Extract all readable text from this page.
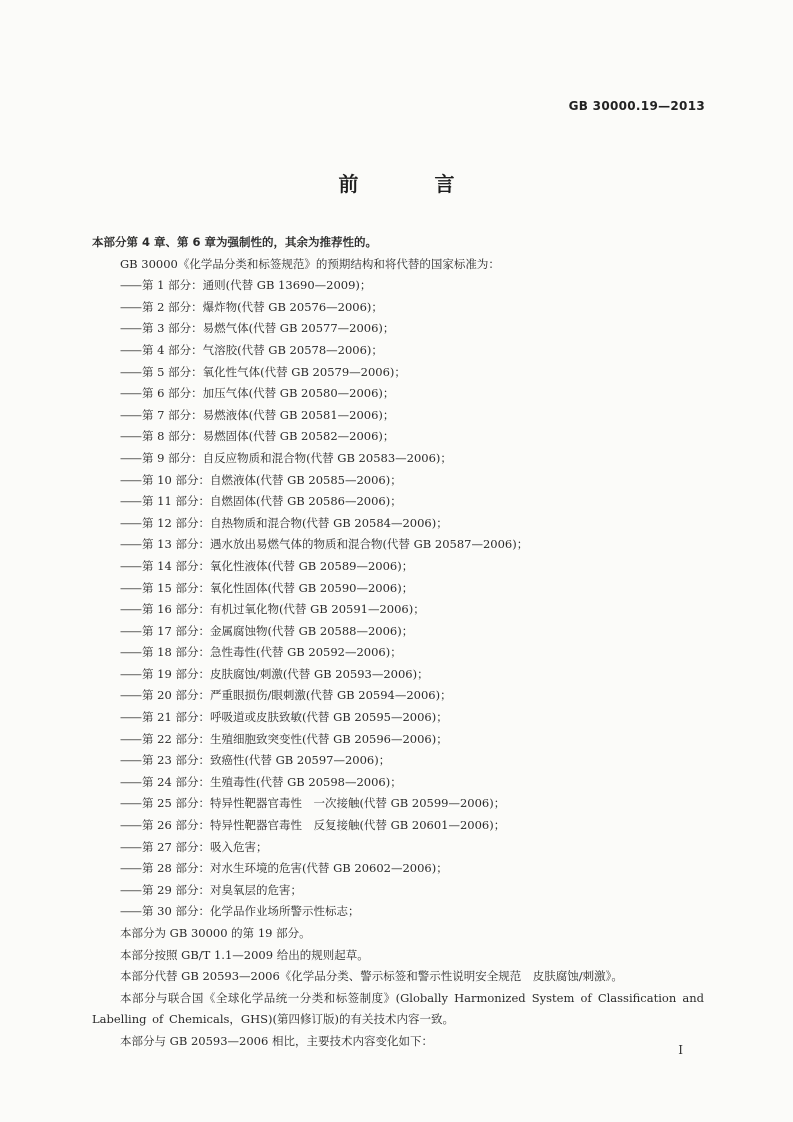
GB 30000.19—2013
前　言
本部分第 4 章、第 6 章为强制性的，其余为推荐性的。
GB 30000《化学品分类和标签规范》的预期结构和将代替的国家标准为：
——第 1 部分：通则(代替 GB 13690—2009)；
——第 2 部分：爆炸物(代替 GB 20576—2006)；
——第 3 部分：易燃气体(代替 GB 20577—2006)；
——第 4 部分：气溶胶(代替 GB 20578—2006)；
——第 5 部分：氧化性气体(代替 GB 20579—2006)；
——第 6 部分：加压气体(代替 GB 20580—2006)；
——第 7 部分：易燃液体(代替 GB 20581—2006)；
——第 8 部分：易燃固体(代替 GB 20582—2006)；
——第 9 部分：自反应物质和混合物(代替 GB 20583—2006)；
——第 10 部分：自燃液体(代替 GB 20585—2006)；
——第 11 部分：自燃固体(代替 GB 20586—2006)；
——第 12 部分：自热物质和混合物(代替 GB 20584—2006)；
——第 13 部分：遇水放出易燃气体的物质和混合物(代替 GB 20587—2006)；
——第 14 部分：氧化性液体(代替 GB 20589—2006)；
——第 15 部分：氧化性固体(代替 GB 20590—2006)；
——第 16 部分：有机过氧化物(代替 GB 20591—2006)；
——第 17 部分：金属腐蚀物(代替 GB 20588—2006)；
——第 18 部分：急性毒性(代替 GB 20592—2006)；
——第 19 部分：皮肤腐蚀/刺激(代替 GB 20593—2006)；
——第 20 部分：严重眼损伤/眼刺激(代替 GB 20594—2006)；
——第 21 部分：呼吸道或皮肤致敏(代替 GB 20595—2006)；
——第 22 部分：生殖细胞致突变性(代替 GB 20596—2006)；
——第 23 部分：致癌性(代替 GB 20597—2006)；
——第 24 部分：生殖毒性(代替 GB 20598—2006)；
——第 25 部分：特异性靶器官毒性　一次接触(代替 GB 20599—2006)；
——第 26 部分：特异性靶器官毒性　反复接触(代替 GB 20601—2006)；
——第 27 部分：吸入危害；
——第 28 部分：对水生环境的危害(代替 GB 20602—2006)；
——第 29 部分：对臭氧层的危害；
——第 30 部分：化学品作业场所警示性标志；
本部分为 GB 30000 的第 19 部分。
本部分按照 GB/T 1.1—2009 给出的规则起草。
本部分代替 GB 20593—2006《化学品分类、警示标签和警示性说明安全规范　皮肤腐蚀/刺激》。
本部分与联合国《全球化学品统一分类和标签制度》(Globally Harmonized System of Classification and Labelling of Chemicals，GHS)(第四修订版)的有关技术内容一致。
本部分与 GB 20593—2006 相比，主要技术内容变化如下：
I
